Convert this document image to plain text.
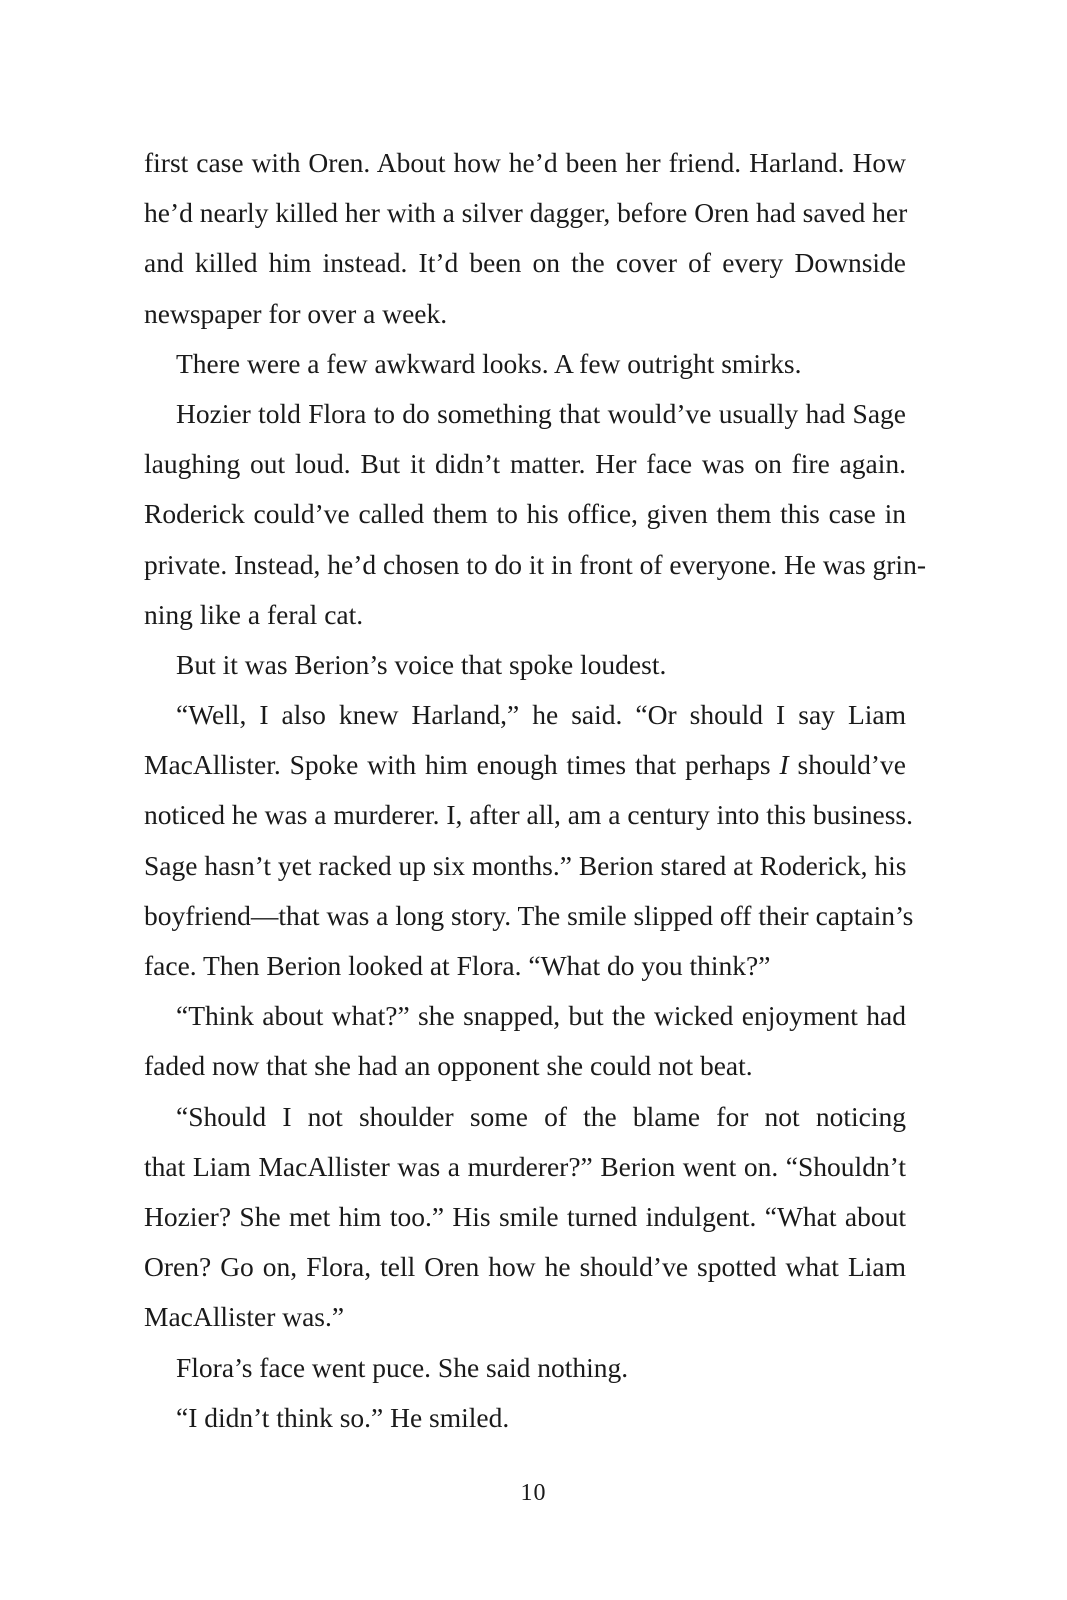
first case with Oren. About how he’d been her friend. Harland. How
he’d nearly killed her with a silver dagger, before Oren had saved her
and killed him instead. It’d been on the cover of every Downside
newspaper for over a week.
There were a few awkward looks. A few outright smirks.
Hozier told Flora to do something that would’ve usually had Sage
laughing out loud. But it didn’t matter. Her face was on fire again.
Roderick could’ve called them to his office, given them this case in
private. Instead, he’d chosen to do it in front of everyone. He was grin-
ning like a feral cat.
But it was Berion’s voice that spoke loudest.
“Well, I also knew Harland,” he said. “Or should I say Liam
MacAllister. Spoke with him enough times that perhaps I should’ve
noticed he was a murderer. I, after all, am a century into this business.
Sage hasn’t yet racked up six months.” Berion stared at Roderick, his
boyfriend—that was a long story. The smile slipped off their captain’s
face. Then Berion looked at Flora. “What do you think?”
“Think about what?” she snapped, but the wicked enjoyment had
faded now that she had an opponent she could not beat.
“Should I not shoulder some of the blame for not noticing
that Liam MacAllister was a murderer?” Berion went on. “Shouldn’t
Hozier? She met him too.” His smile turned indulgent. “What about
Oren? Go on, Flora, tell Oren how he should’ve spotted what Liam
MacAllister was.”
Flora’s face went puce. She said nothing.
“I didn’t think so.” He smiled.
10
